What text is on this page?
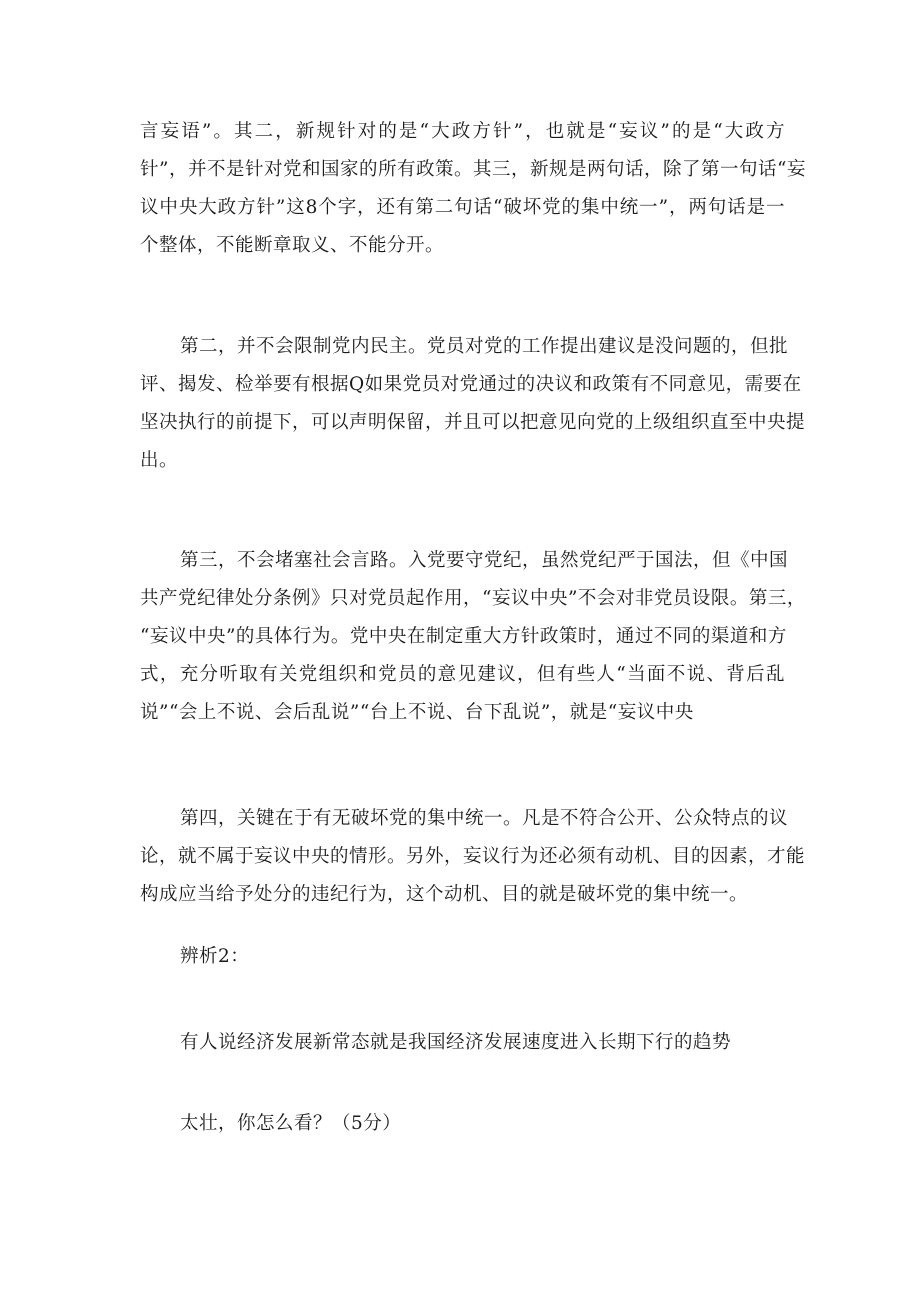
言妄语”。其二，新规针对的是“大政方针”，也就是“妄议”的是“大政方
针”，并不是针对党和国家的所有政策。其三，新规是两句话，除了第一句话“妄
议中央大政方针”这8个字，还有第二句话“破坏党的集中统一”，两句话是一
个整体，不能断章取义、不能分开。
第二，并不会限制党内民主。党员对党的工作提出建议是没问题的，但批
评、揭发、检举要有根据Q如果党员对党通过的决议和政策有不同意见，需要在
坚决执行的前提下，可以声明保留，并且可以把意见向党的上级组织直至中央提
出。
第三，不会堵塞社会言路。入党要守党纪，虽然党纪严于国法，但《中国
共产党纪律处分条例》只对党员起作用，“妄议中央”不会对非党员设限。第三，
“妄议中央”的具体行为。党中央在制定重大方针政策时，通过不同的渠道和方
式，充分听取有关党组织和党员的意见建议，但有些人“当面不说、背后乱
说”“会上不说、会后乱说”“台上不说、台下乱说”，就是“妄议中央
第四，关键在于有无破坏党的集中统一。凡是不符合公开、公众特点的议
论，就不属于妄议中央的情形。另外，妄议行为还必须有动机、目的因素，才能
构成应当给予处分的违纪行为，这个动机、目的就是破坏党的集中统一。
辨析2：
有人说经济发展新常态就是我国经济发展速度进入长期下行的趋势
太壮，你怎么看？（5分）
